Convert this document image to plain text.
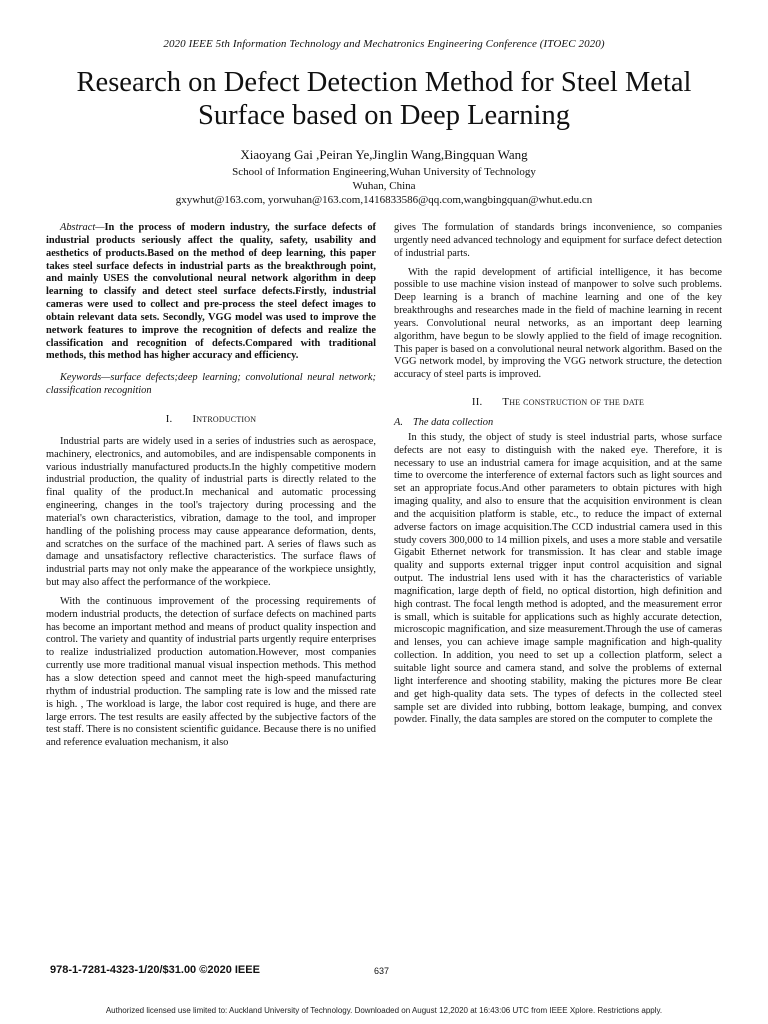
2020 IEEE 5th Information Technology and Mechatronics Engineering Conference (ITOEC 2020)
Research on Defect Detection Method for Steel Metal Surface based on Deep Learning
Xiaoyang Gai ,Peiran Ye,Jinglin Wang,Bingquan Wang
School of Information Engineering,Wuhan University of Technology
Wuhan, China
gxywhut@163.com, yorwuhan@163.com,1416833586@qq.com,wangbingquan@whut.edu.cn

Abstract—In the process of modern industry, the surface defects of industrial products seriously affect the quality, safety, usability and aesthetics of products.Based on the method of deep learning, this paper takes steel surface defects in industrial parts as the breakthrough point, and mainly USES the convolutional neural network algorithm in deep learning to classify and detect steel surface defects.Firstly, industrial cameras were used to collect and pre-process the steel defect images to obtain relevant data sets. Secondly, VGG model was used to improve the network features to improve the recognition of defects and realize the classification and recognition of defects.Compared with traditional methods, this method has higher accuracy and efficiency.

Keywords—surface defects;deep learning; convolutional neural network; classification recognition

I. Introduction

Industrial parts are widely used in a series of industries such as aerospace, machinery, electronics, and automobiles, and are indispensable components in various industrially manufactured products.In the highly competitive modern industrial production, the quality of industrial parts is directly related to the final quality of the product.In mechanical and automatic processing engineering, changes in the tool's trajectory during processing and the material's own characteristics, vibration, damage to the tool, and improper handling of the polishing process may cause appearance deformation, dents, and scratches on the surface of the machined part. A series of flaws such as damage and unsatisfactory reflective characteristics. The surface flaws of industrial parts may not only make the appearance of the workpiece unsightly, but may also affect the performance of the workpiece.

With the continuous improvement of the processing requirements of modern industrial products, the detection of surface defects on machined parts has become an important method and means of product quality inspection and control. The variety and quantity of industrial parts urgently require enterprises to realize industrialized production automation.However, most companies currently use more traditional manual visual inspection methods. This method has a slow detection speed and cannot meet the high-speed manufacturing rhythm of industrial production. The sampling rate is low and the missed rate is high. , The workload is large, the labor cost required is huge, and there are large errors. The test results are easily affected by the subjective factors of the test staff. There is no consistent scientific guidance. Because there is no unified and reference evaluation mechanism, it also

gives The formulation of standards brings inconvenience, so companies urgently need advanced technology and equipment for surface defect detection of industrial parts.

With the rapid development of artificial intelligence, it has become possible to use machine vision instead of manpower to solve such problems. Deep learning is a branch of machine learning and one of the key breakthroughs and researches made in the field of machine learning in recent years. Convolutional neural networks, as an important deep learning algorithm, have begun to be slowly applied to the field of image recognition. This paper is based on a convolutional neural network algorithm. Based on the VGG network model, by improving the VGG network structure, the detection accuracy of steel parts is improved.

II. The construction of the date
A. The data collection

In this study, the object of study is steel industrial parts, whose surface defects are not easy to distinguish with the naked eye. Therefore, it is necessary to use an industrial camera for image acquisition, and at the same time to overcome the interference of external factors such as light sources and set an appropriate focus.And other parameters to obtain pictures with high imaging quality, and also to ensure that the acquisition environment is clean and the acquisition platform is stable, etc., to reduce the impact of external adverse factors on image acquisition.The CCD industrial camera used in this study covers 300,000 to 14 million pixels, and uses a more stable and versatile Gigabit Ethernet network for transmission. It has clear and stable image quality and supports external trigger input control acquisition and signal output. The industrial lens used with it has the characteristics of variable magnification, large depth of field, no optical distortion, high definition and high contrast. The focal length method is adopted, and the measurement error is small, which is suitable for applications such as highly accurate detection, microscopic magnification, and size measurement.Through the use of cameras and lenses, you can achieve image sample magnification and high-quality collection. In addition, you need to set up a collection platform, select a suitable light source and camera stand, and solve the problems of external light interference and shooting stability, making the pictures more Be clear and get high-quality data sets. The types of defects in the collected steel sample set are divided into rubbing, bottom leakage, bumping, and convex powder. Finally, the data samples are stored on the computer to complete the

978-1-7281-4323-1/20/$31.00 ©2020 IEEE	637
Authorized licensed use limited to: Auckland University of Technology. Downloaded on August 12,2020 at 16:43:06 UTC from IEEE Xplore. Restrictions apply.
